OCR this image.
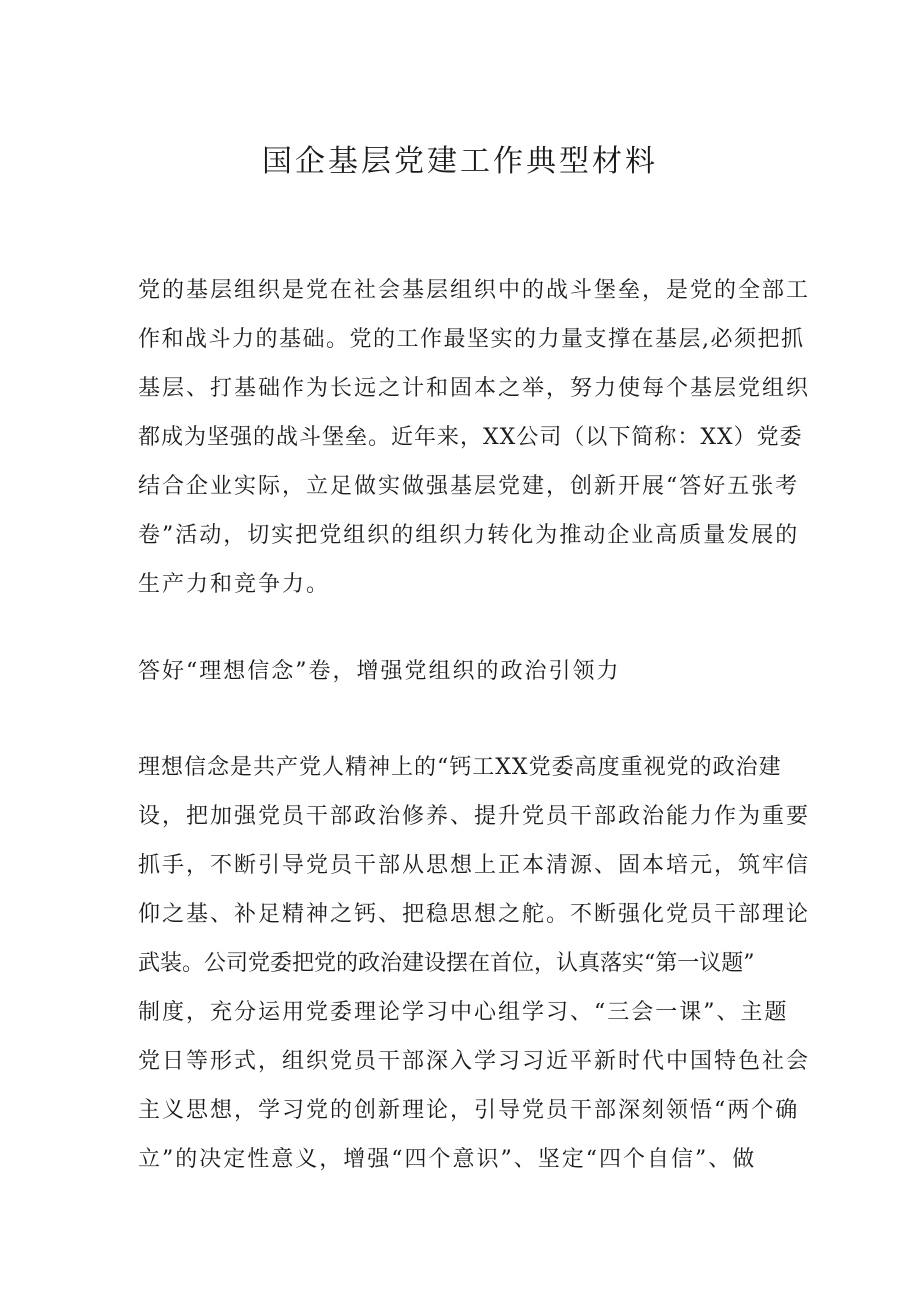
国企基层党建工作典型材料
党的基层组织是党在社会基层组织中的战斗堡垒，是党的全部工
作和战斗力的基础。党的工作最坚实的力量支撑在基层,必须把抓
基层、打基础作为长远之计和固本之举，努力使每个基层党组织
都成为坚强的战斗堡垒。近年来，XX公司（以下简称：XX）党委
结合企业实际，立足做实做强基层党建，创新开展“答好五张考
卷”活动，切实把党组织的组织力转化为推动企业高质量发展的
生产力和竞争力。
答好“理想信念”卷，增强党组织的政治引领力
理想信念是共产党人精神上的“钙工XX党委高度重视党的政治建
设，把加强党员干部政治修养、提升党员干部政治能力作为重要
抓手，不断引导党员干部从思想上正本清源、固本培元，筑牢信
仰之基、补足精神之钙、把稳思想之舵。不断强化党员干部理论
武装。公司党委把党的政治建设摆在首位，认真落实“第一议题”
制度，充分运用党委理论学习中心组学习、“三会一课”、主题
党日等形式，组织党员干部深入学习习近平新时代中国特色社会
主义思想，学习党的创新理论，引导党员干部深刻领悟“两个确
立”的决定性意义，增强“四个意识”、坚定“四个自信”、做
